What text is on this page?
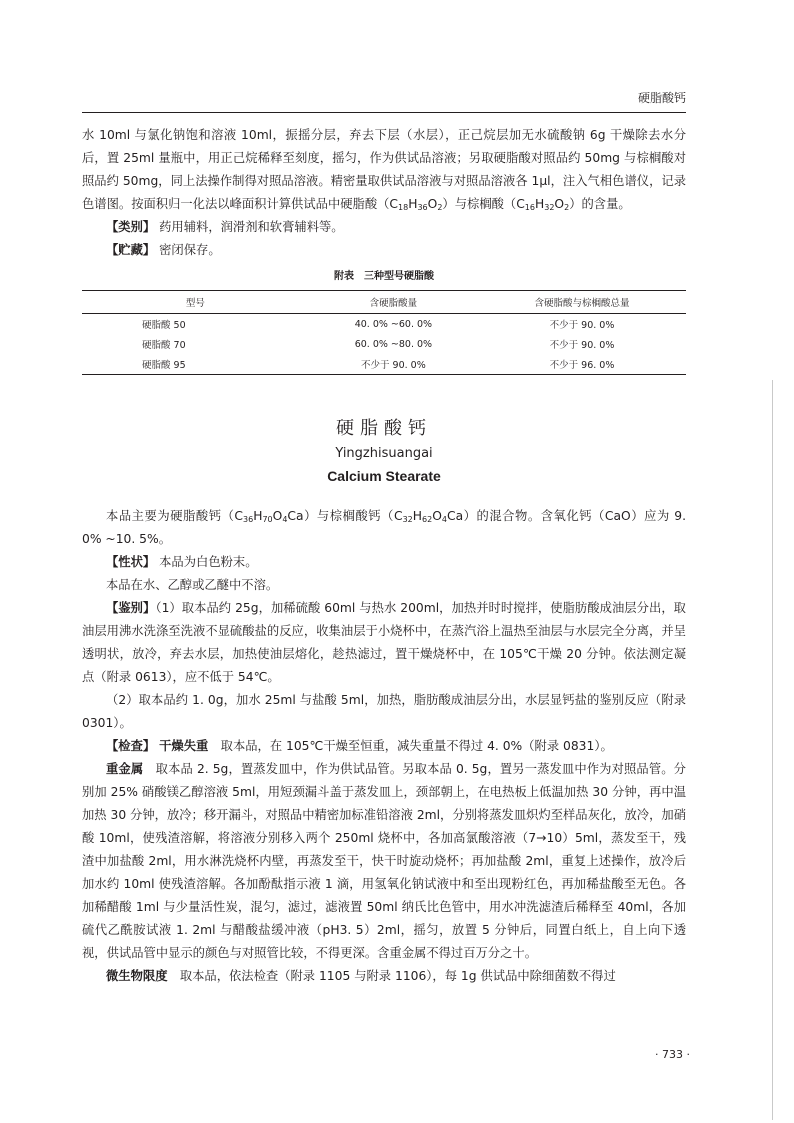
硬脂酸钙

水 10ml 与氯化钠饱和溶液 10ml，振摇分层，弃去下层（水层），正己烷层加无水硫酸钠 6g 干燥除去水分后，置 25ml 量瓶中，用正己烷稀释至刻度，摇匀，作为供试品溶液；另取硬脂酸对照品约 50mg 与棕榈酸对照品约 50mg，同上法操作制得对照品溶液。精密量取供试品溶液与对照品溶液各 1μl，注入气相色谱仪，记录色谱图。按面积归一化法以峰面积计算供试品中硬脂酸$(C_{18}H_{36}O_2)$与棕榈酸$(C_{16}H_{32}O_2)$的含量。

【类别】 药用辅料，润滑剂和软膏辅料等。

【贮藏】 密闭保存。

附表　三种型号硬脂酸
型号	含硬脂酸量	含硬脂酸与棕榈酸总量
硬脂酸 50	40. 0% ~60. 0%	不少于 90. 0%
硬脂酸 70	60. 0% ~80. 0%	不少于 90. 0%
硬脂酸 95	不少于 90. 0%	不少于 96. 0%
硬脂酸钙
Yingzhisuangai
Calcium Stearate

本品主要为硬脂酸钙$(C_{36}H_{70}O_4Ca)$与棕榈酸钙$(C_{32}H_{62}O_4Ca)$的混合物。含氧化钙（CaO）应为 9. 0% ~10. 5%。

【性状】 本品为白色粉末。

本品在水、乙醇或乙醚中不溶。

【鉴别】（1）取本品约 25g，加稀硫酸 60ml 与热水 200ml，加热并时时搅拌，使脂肪酸成油层分出，取油层用沸水洗涤至洗液不显硫酸盐的反应，收集油层于小烧杯中，在蒸汽浴上温热至油层与水层完全分离，并呈透明状，放冷，弃去水层，加热使油层熔化，趁热滤过，置干燥烧杯中，在 105℃干燥 20 分钟。依法测定凝点（附录 0613），应不低于 54℃。

（2）取本品约 1. 0g，加水 25ml 与盐酸 5ml，加热，脂肪酸成油层分出，水层显钙盐的鉴别反应（附录 0301）。

【检查】 干燥失重　 取本品，在 105℃干燥至恒重，减失重量不得过 4. 0%（附录 0831）。

重金属　 取本品 2. 5g，置蒸发皿中，作为供试品管。另取本品 0. 5g，置另一蒸发皿中作为对照品管。分别加 25% 硝酸镁乙醇溶液 5ml，用短颈漏斗盖于蒸发皿上，颈部朝上，在电热板上低温加热 30 分钟，再中温加热 30 分钟，放冷；移开漏斗，对照品中精密加标准铅溶液 2ml，分别将蒸发皿炽灼至样品灰化，放冷，加硝酸 10ml，使残渣溶解，将溶液分别移入两个 250ml 烧杯中，各加高氯酸溶液（7→10）5ml，蒸发至干，残渣中加盐酸 2ml，用水淋洗烧杯内壁，再蒸发至干，快干时旋动烧杯；再加盐酸 2ml，重复上述操作，放冷后加水约 10ml 使残渣溶解。各加酚酞指示液 1 滴，用氢氧化钠试液中和至出现粉红色，再加稀盐酸至无色。各加稀醋酸 1ml 与少量活性炭，混匀，滤过，滤液置 50ml 纳氏比色管中，用水冲洗滤渣后稀释至 40ml，各加硫代乙酰胺试液 1. 2ml 与醋酸盐缓冲液（pH3. 5）2ml，摇匀，放置 5 分钟后，同置白纸上，自上向下透视，供试品管中显示的颜色与对照管比较，不得更深。含重金属不得过百万分之十。

微生物限度　 取本品，依法检查（附录 1105 与附录 1106），每 1g 供试品中除细菌数不得过

· 733 ·
